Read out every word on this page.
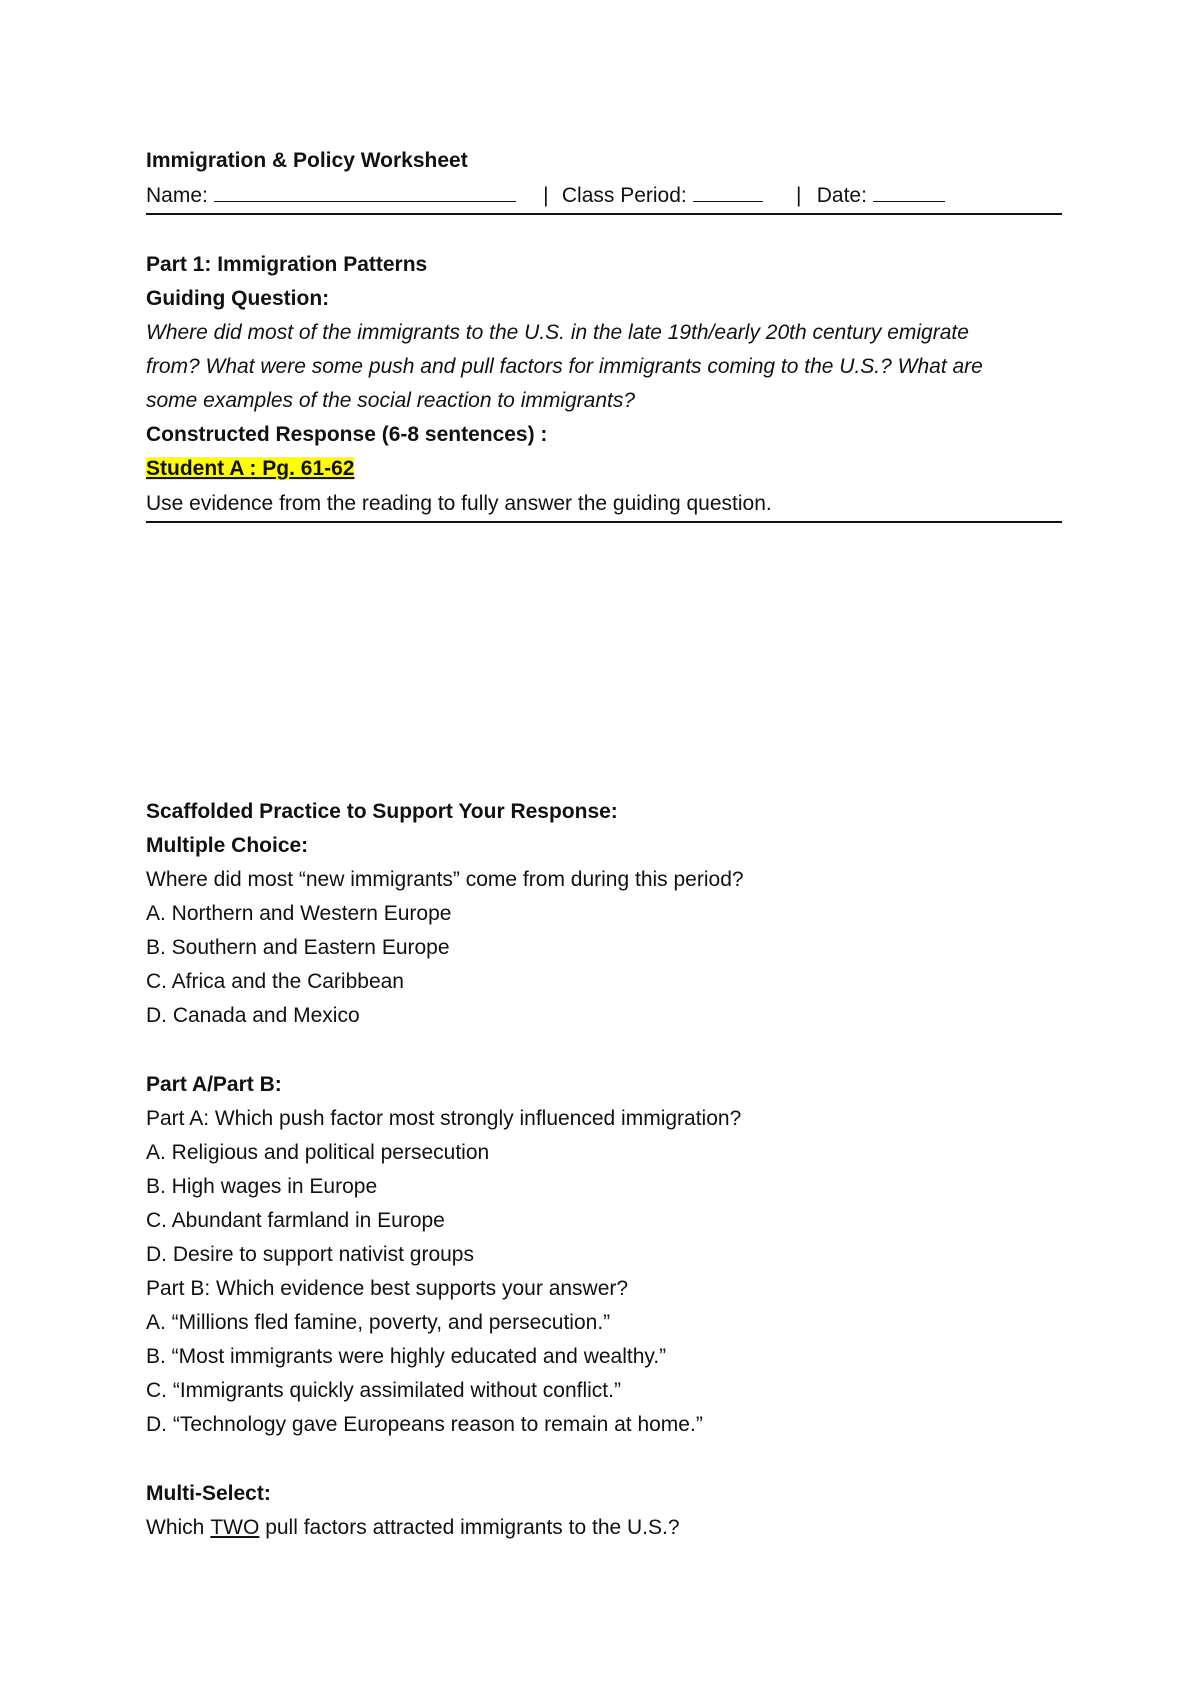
Immigration & Policy Worksheet
Name:	| Class Period:	| Date:
Part 1: Immigration Patterns
Guiding Question:
Where did most of the immigrants to the U.S. in the late 19th/early 20th century emigrate
from? What were some push and pull factors for immigrants coming to the U.S.? What are
some examples of the social reaction to immigrants?
Constructed Response (6-8 sentences) :
Student A : Pg. 61-62
Use evidence from the reading to fully answer the guiding question.
Scaffolded Practice to Support Your Response:
Multiple Choice:
Where did most “new immigrants” come from during this period?
A. Northern and Western Europe
B. Southern and Eastern Europe
C. Africa and the Caribbean
D. Canada and Mexico
Part A/Part B:
Part A: Which push factor most strongly influenced immigration?
A. Religious and political persecution
B. High wages in Europe
C. Abundant farmland in Europe
D. Desire to support nativist groups
Part B: Which evidence best supports your answer?
A. “Millions fled famine, poverty, and persecution.”
B. “Most immigrants were highly educated and wealthy.”
C. “Immigrants quickly assimilated without conflict.”
D. “Technology gave Europeans reason to remain at home.”
Multi-Select:
Which TWO pull factors attracted immigrants to the U.S.?
